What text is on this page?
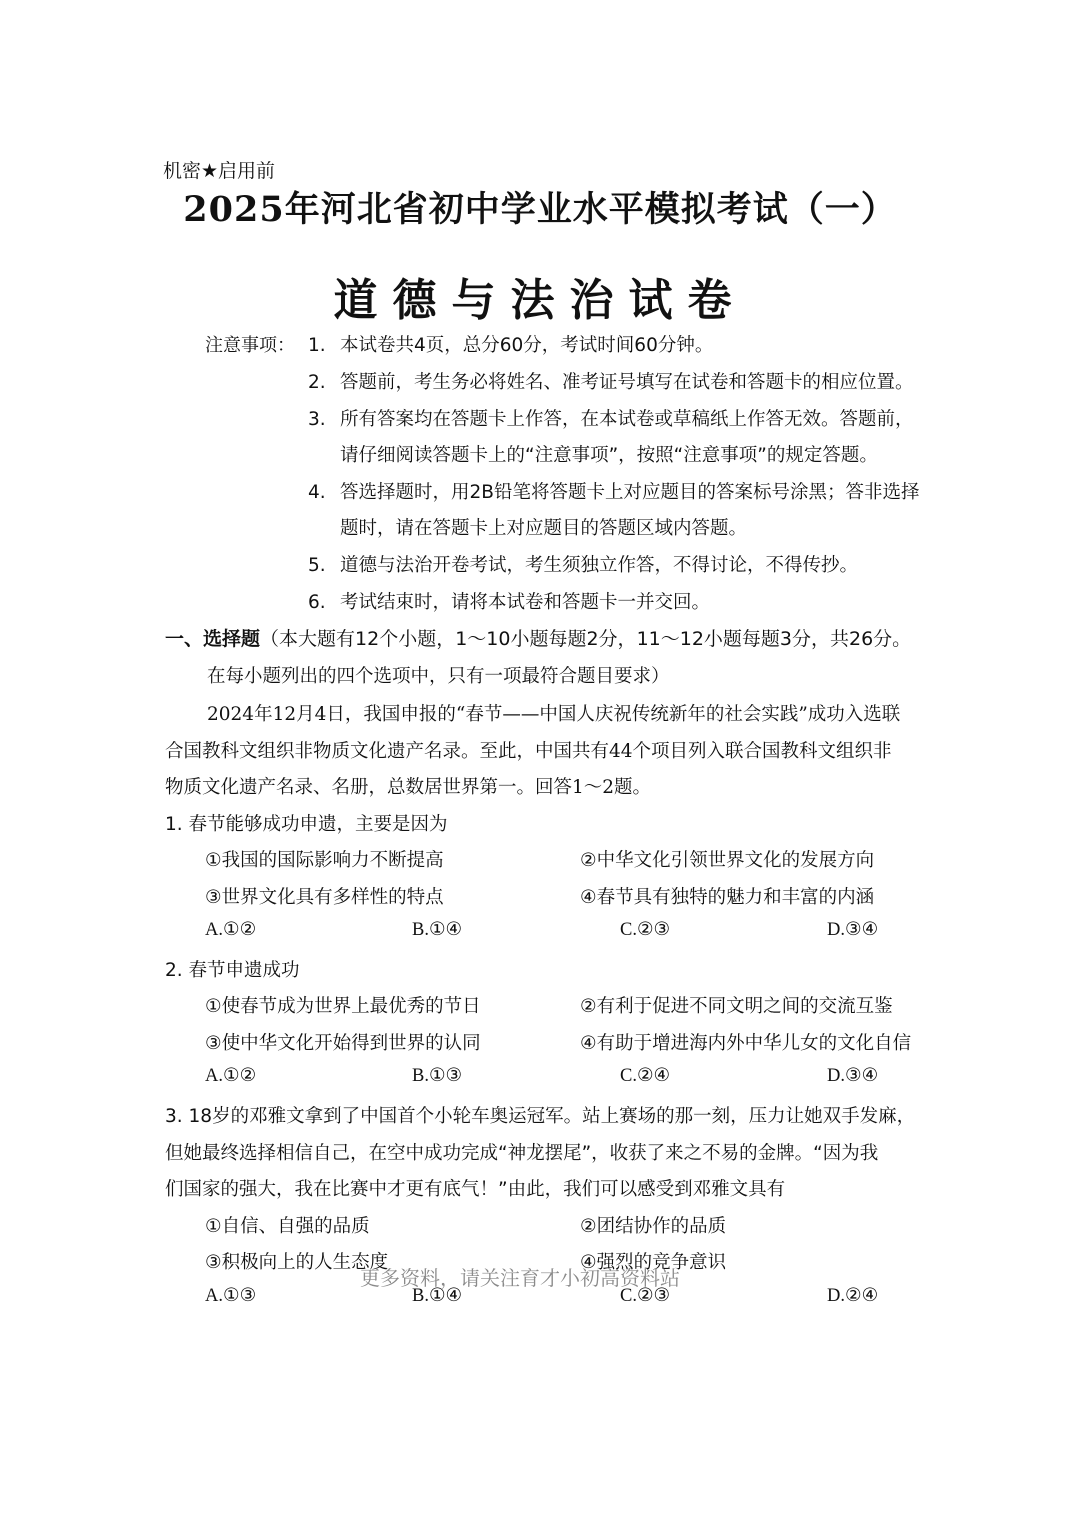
机密★启用前
2025年河北省初中学业水平模拟考试（一）
道德与法治试卷
注意事项： 1. 本试卷共4页，总分60分，考试时间60分钟。
2. 答题前，考生务必将姓名、准考证号填写在试卷和答题卡的相应位置。
3. 所有答案均在答题卡上作答，在本试卷或草稿纸上作答无效。答题前，
请仔细阅读答题卡上的“注意事项”，按照“注意事项”的规定答题。
4. 答选择题时，用2B铅笔将答题卡上对应题目的答案标号涂黑；答非选择
题时，请在答题卡上对应题目的答题区域内答题。
5. 道德与法治开卷考试，考生须独立作答，不得讨论，不得传抄。
6. 考试结束时，请将本试卷和答题卡一并交回。
一、选择题（本大题有12个小题，1～10小题每题2分，11～12小题每题3分，共26分。
在每小题列出的四个选项中，只有一项最符合题目要求）
2024年12月4日，我国申报的“春节——中国人庆祝传统新年的社会实践”成功入选联
合国教科文组织非物质文化遗产名录。至此，中国共有44个项目列入联合国教科文组织非
物质文化遗产名录、名册，总数居世界第一。回答1～2题。
1. 春节能够成功申遗，主要是因为
①我国的国际影响力不断提高	②中华文化引领世界文化的发展方向
③世界文化具有多样性的特点	④春节具有独特的魅力和丰富的内涵
A.①②	B.①④	C.②③	D.③④
2. 春节申遗成功
①使春节成为世界上最优秀的节日	②有利于促进不同文明之间的交流互鉴
③使中华文化开始得到世界的认同	④有助于增进海内外中华儿女的文化自信
A.①②	B.①③	C.②④	D.③④
3. 18岁的邓雅文拿到了中国首个小轮车奥运冠军。站上赛场的那一刻，压力让她双手发麻，
但她最终选择相信自己，在空中成功完成“神龙摆尾”，收获了来之不易的金牌。“因为我
们国家的强大，我在比赛中才更有底气！”由此，我们可以感受到邓雅文具有
①自信、自强的品质	②团结协作的品质
③积极向上的人生态度	④强烈的竞争意识
A.①③	B.①④	C.②③	D.②④
更多资料，请关注育才小初高资料站
